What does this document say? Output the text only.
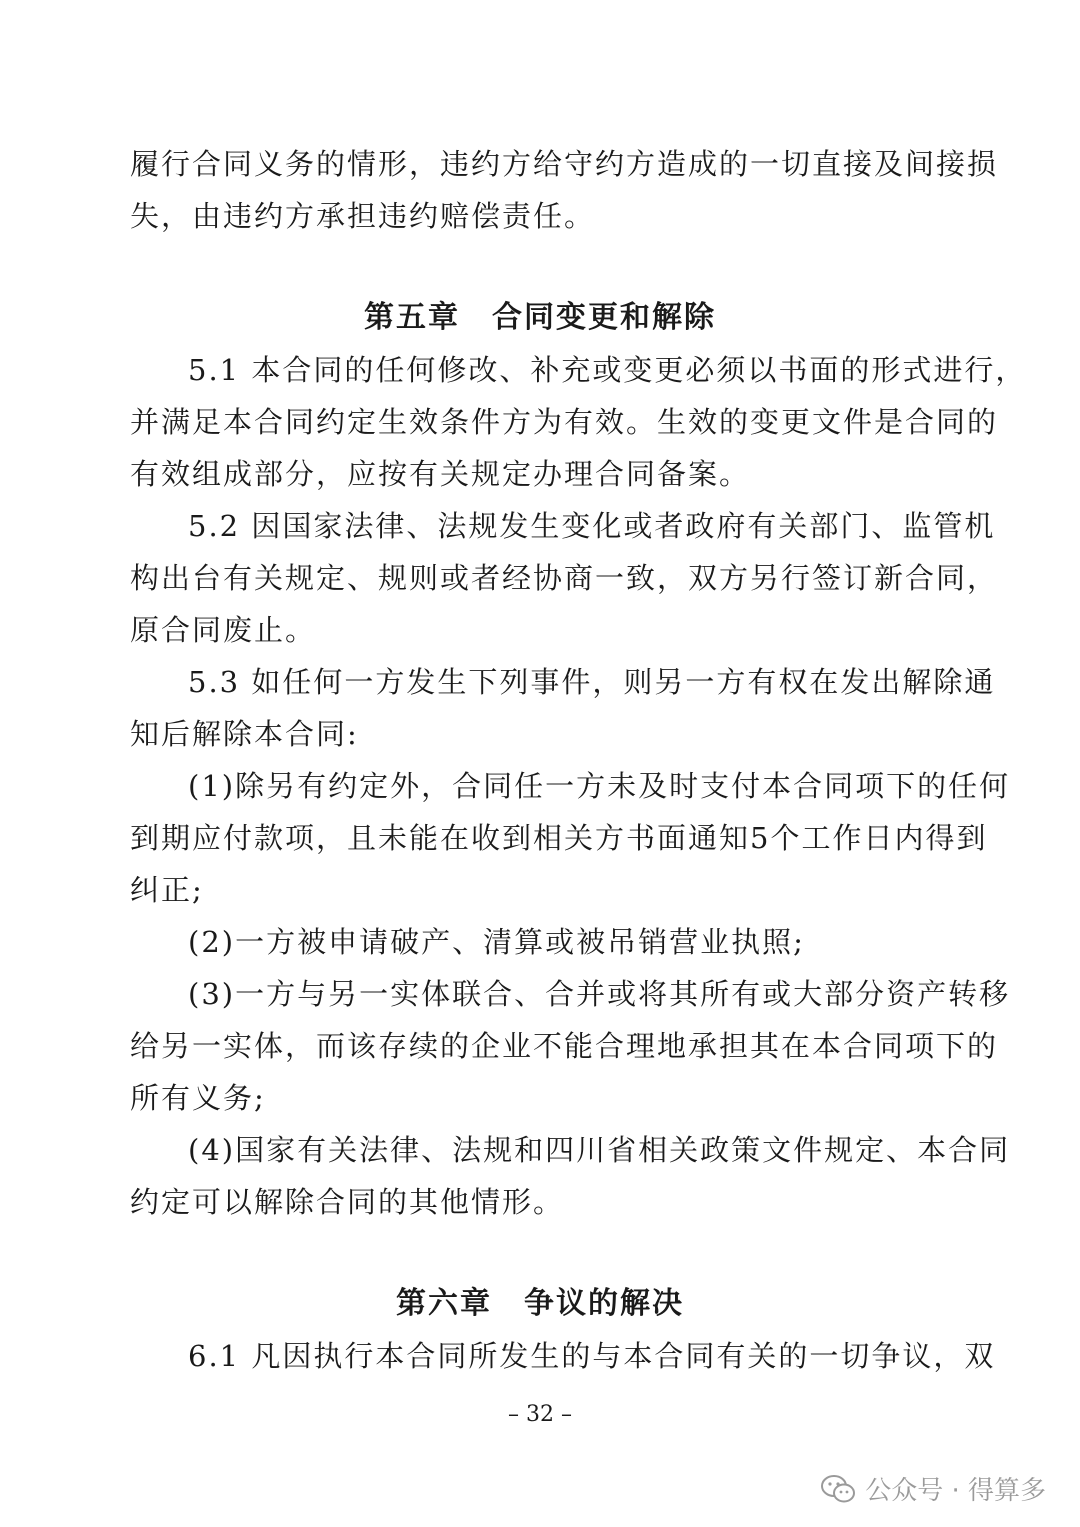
履行合同义务的情形，违约方给守约方造成的一切直接及间接损
失，由违约方承担违约赔偿责任。
第五章　合同变更和解除
5.1 本合同的任何修改、补充或变更必须以书面的形式进行，
并满足本合同约定生效条件方为有效。生效的变更文件是合同的
有效组成部分，应按有关规定办理合同备案。
5.2 因国家法律、法规发生变化或者政府有关部门、监管机
构出台有关规定、规则或者经协商一致，双方另行签订新合同，
原合同废止。
5.3 如任何一方发生下列事件，则另一方有权在发出解除通
知后解除本合同:
(1)除另有约定外，合同任一方未及时支付本合同项下的任何
到期应付款项，且未能在收到相关方书面通知5个工作日内得到
纠正;
(2)一方被申请破产、清算或被吊销营业执照;
(3)一方与另一实体联合、合并或将其所有或大部分资产转移
给另一实体，而该存续的企业不能合理地承担其在本合同项下的
所有义务;
(4)国家有关法律、法规和四川省相关政策文件规定、本合同
约定可以解除合同的其他情形。
第六章　争议的解决
6.1 凡因执行本合同所发生的与本合同有关的一切争议，双
– 32 –
公众号 · 得算多
